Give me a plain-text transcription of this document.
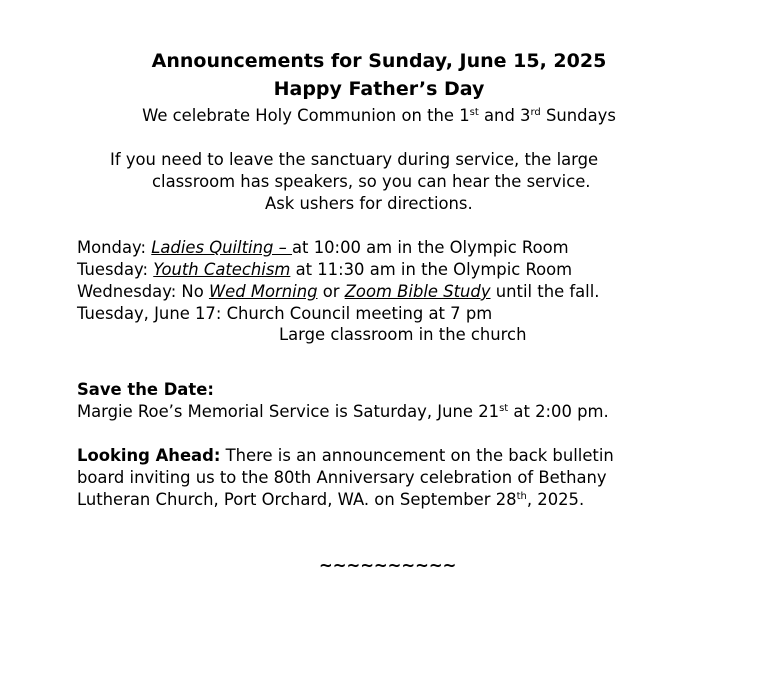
Announcements for Sunday, June 15, 2025
Happy Father’s Day
We celebrate Holy Communion on the 1st and 3rd Sundays
If you need to leave the sanctuary during service, the large
classroom has speakers, so you can hear the service.
Ask ushers for directions.
Monday: Ladies Quilting – at 10:00 am in the Olympic Room
Tuesday: Youth Catechism at 11:30 am in the Olympic Room
Wednesday: No Wed Morning or Zoom Bible Study until the fall.
Tuesday, June 17: Church Council meeting at 7 pm
Large classroom in the church
Save the Date:
Margie Roe’s Memorial Service is Saturday, June 21st at 2:00 pm.
Looking Ahead: There is an announcement on the back bulletin
board inviting us to the 80th Anniversary celebration of Bethany
Lutheran Church, Port Orchard, WA. on September 28th, 2025.
~~~~~~~~~~
